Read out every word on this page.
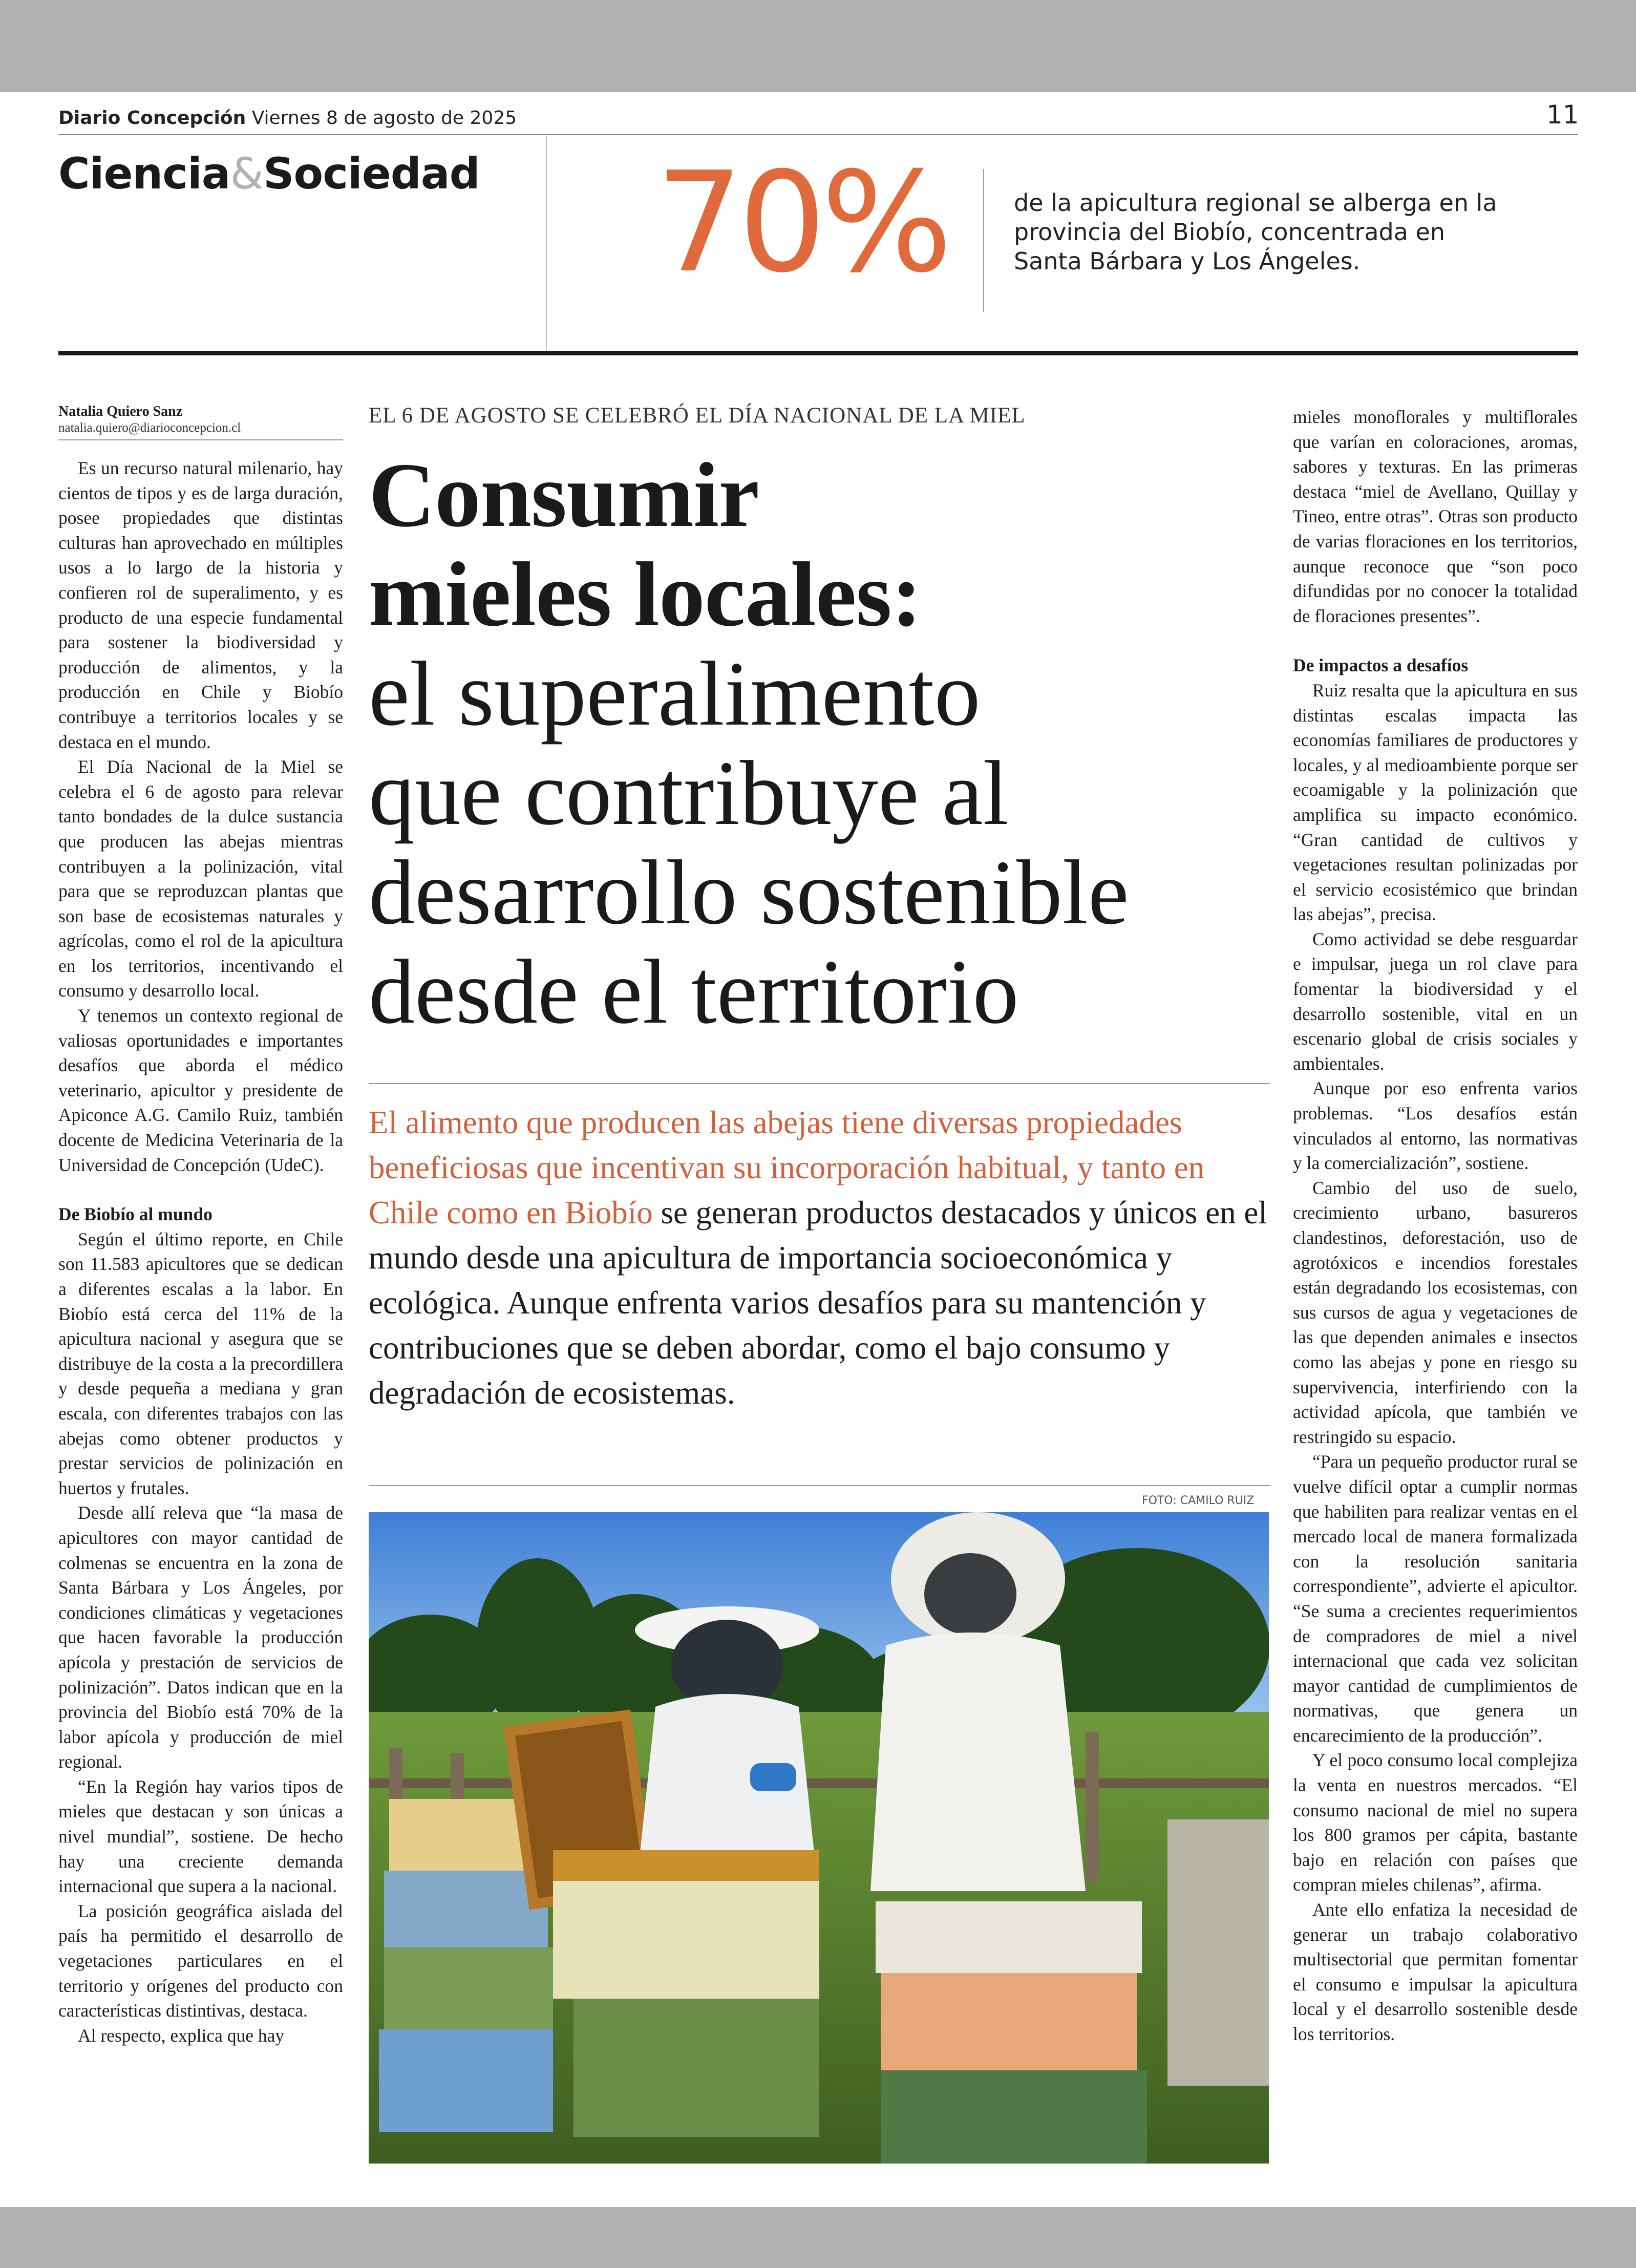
Diario Concepción Viernes 8 de agosto de 2025	11
Ciencia&Sociedad 70%	de la apicultura regional se alberga en la provincia del Biobío, concentrada en Santa Bárbara y Los Ángeles.
Natalia Quiero Sanz
natalia.quiero@diarioconcepcion.cl

Es un recurso natural milenario, hay cientos de tipos y es de larga duración, posee propiedades que distintas culturas han aprovechado en múltiples usos a lo largo de la historia y confieren rol de superalimento, y es producto de una especie fundamental para sostener la biodiversidad y producción de alimentos, y la producción en Chile y Biobío contribuye a territorios locales y se destaca en el mundo.

El Día Nacional de la Miel se celebra el 6 de agosto para relevar tanto bondades de la dulce sustancia que producen las abejas mientras contribuyen a la polinización, vital para que se reproduzcan plantas que son base de ecosistemas naturales y agrícolas, como el rol de la apicultura en los territorios, incentivando el consumo y desarrollo local.

Y tenemos un contexto regional de valiosas oportunidades e importantes desafíos que aborda el médico veterinario, apicultor y presidente de Apiconce A.G. Camilo Ruiz, también docente de Medicina Veterinaria de la Universidad de Concepción (UdeC).

De Biobío al mundo

Según el último reporte, en Chile son 11.583 apicultores que se dedican a diferentes escalas a la labor. En Biobío está cerca del 11% de la apicultura nacional y asegura que se distribuye de la costa a la precordillera y desde pequeña a mediana y gran escala, con diferentes trabajos con las abejas como obtener productos y prestar servicios de polinización en huertos y frutales.

Desde allí releva que “la masa de apicultores con mayor cantidad de colmenas se encuentra en la zona de Santa Bárbara y Los Ángeles, por condiciones climáticas y vegetaciones que hacen favorable la producción apícola y prestación de servicios de polinización”. Datos indican que en la provincia del Biobío está 70% de la labor apícola y producción de miel regional.

“En la Región hay varios tipos de mieles que destacan y son únicas a nivel mundial”, sostiene. De hecho hay una creciente demanda internacional que supera a la nacional.

La posición geográfica aislada del país ha permitido el desarrollo de vegetaciones particulares en el territorio y orígenes del producto con características distintivas, destaca.

Al respecto, explica que hay

EL 6 DE AGOSTO SE CELEBRÓ EL DÍA NACIONAL DE LA MIEL
Consumir
mieles locales:
el superalimento
que contribuye al
desarrollo sostenible
desde el territorio
El alimento que producen las abejas tiene diversas propiedades beneficiosas que incentivan su incorporación habitual, y tanto en Chile como en Biobío se generan productos destacados y únicos en el mundo desde una apicultura de importancia socioeconómica y ecológica. Aunque enfrenta varios desafíos para su mantención y contribuciones que se deben abordar, como el bajo consumo y degradación de ecosistemas.
FOTO: CAMILO RUIZ

mieles monoflorales y multiflorales que varían en coloraciones, aromas, sabores y texturas. En las primeras destaca “miel de Avellano, Quillay y Tineo, entre otras”. Otras son producto de varias floraciones en los territorios, aunque reconoce que “son poco difundidas por no conocer la totalidad de floraciones presentes”.

De impactos a desafíos

Ruiz resalta que la apicultura en sus distintas escalas impacta las economías familiares de productores y locales, y al medioambiente porque ser ecoamigable y la polinización que amplifica su impacto económico. “Gran cantidad de cultivos y vegetaciones resultan polinizadas por el servicio ecosistémico que brindan las abejas”, precisa.

Como actividad se debe resguardar e impulsar, juega un rol clave para fomentar la biodiversidad y el desarrollo sostenible, vital en un escenario global de crisis sociales y ambientales.

Aunque por eso enfrenta varios problemas. “Los desafíos están vinculados al entorno, las normativas y la comercialización”, sostiene.

Cambio del uso de suelo, crecimiento urbano, basureros clandestinos, deforestación, uso de agrotóxicos e incendios forestales están degradando los ecosistemas, con sus cursos de agua y vegetaciones de las que dependen animales e insectos como las abejas y pone en riesgo su supervivencia, interfiriendo con la actividad apícola, que también ve restringido su espacio.

“Para un pequeño productor rural se vuelve difícil optar a cumplir normas que habiliten para realizar ventas en el mercado local de manera formalizada con la resolución sanitaria correspondiente”, advierte el apicultor. “Se suma a crecientes requerimientos de compradores de miel a nivel internacional que cada vez solicitan mayor cantidad de cumplimientos de normativas, que genera un encarecimiento de la producción”.

Y el poco consumo local complejiza la venta en nuestros mercados. “El consumo nacional de miel no supera los 800 gramos per cápita, bastante bajo en relación con países que compran mieles chilenas”, afirma.

Ante ello enfatiza la necesidad de generar un trabajo colaborativo multisectorial que permitan fomentar el consumo e impulsar la apicultura local y el desarrollo sostenible desde los territorios.
